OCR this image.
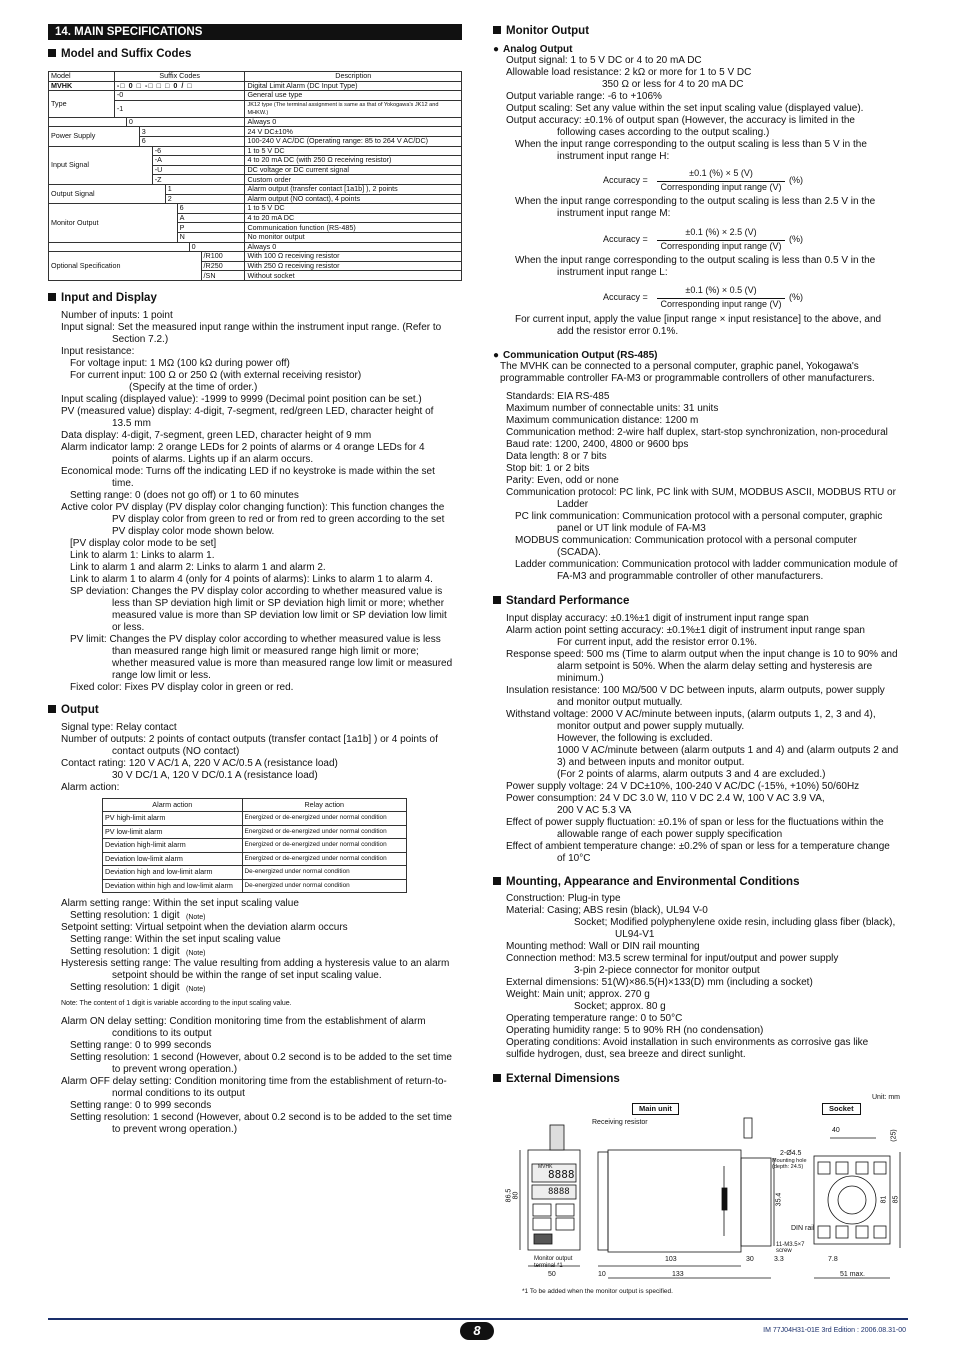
14. MAIN SPECIFICATIONS
Model and Suffix Codes
Model	Suffix Codes								Description
MVHK	-□ 0 □ -□ □ □ 0 / □								Digital Limit Alarm (DC Input Type)
Type	-0								General use type
	-1								JK12 type (The terminal assignment is same as that of Yokogawa's JK12 and MHKW.)
		0							Always 0
Power Supply			3						24 V DC±10%
			6						100-240 V AC/DC (Operating range: 85 to 264 V AC/DC)
Input Signal				-6					1 to 5 V DC
				-A					4 to 20 mA DC (with 250 Ω receiving resistor)
				-U					DC voltage or DC current signal
				-Z					Custom order
Output Signal					1				Alarm output (transfer contact [1a1b] ), 2 points
					2				Alarm output (NO contact), 4 points
Monitor Output						6			1 to 5 V DC
						A			4 to 20 mA DC
						P			Communication function (RS-485)
						N			No monitor output
							0		Always 0
Optional Specification								/R100	With 100 Ω receiving resistor
								/R250	With 250 Ω receiving resistor
								/SN	Without socket
Input and Display
Number of inputs: 1 point
Input signal: Set the measured input range within the instrument input range. (Refer to
Section 7.2.)
Input resistance:
For voltage input: 1 MΩ (100 kΩ during power off)
For current input: 100 Ω or 250 Ω (with external receiving resistor)
(Specify at the time of order.)
Input scaling (displayed value): -1999 to 9999 (Decimal point position can be set.)
PV (measured value) display: 4-digit, 7-segment, red/green LED, character height of
13.5 mm
Data display: 4-digit, 7-segment, green LED, character height of 9 mm
Alarm indicator lamp: 2 orange LEDs for 2 points of alarms or 4 orange LEDs for 4
points of alarms. Lights up if an alarm occurs.
Economical mode: Turns off the indicating LED if no keystroke is made within the set
time.
Setting range: 0 (does not go off) or 1 to 60 minutes
Active color PV display (PV display color changing function): This function changes the
PV display color from green to red or from red to green according to the set
PV display color mode shown below.
[PV display color mode to be set]
Link to alarm 1: Links to alarm 1.
Link to alarm 1 and alarm 2: Links to alarm 1 and alarm 2.
Link to alarm 1 to alarm 4 (only for 4 points of alarms): Links to alarm 1 to alarm 4.
SP deviation: Changes the PV display color according to whether measured value is
less than SP deviation high limit or SP deviation high limit or more; whether
measured value is more than SP deviation low limit or SP deviation low limit
or less.
PV limit: Changes the PV display color according to whether measured value is less
than measured range high limit or measured range high limit or more;
whether measured value is more than measured range low limit or measured
range low limit or less.
Fixed color: Fixes PV display color in green or red.
Output
Signal type: Relay contact
Number of outputs: 2 points of contact outputs (transfer contact [1a1b] ) or 4 points of
contact outputs (NO contact)
Contact rating: 120 V AC/1 A, 220 V AC/0.5 A (resistance load)
30 V DC/1 A, 120 V DC/0.1 A (resistance load)
Alarm action:
Alarm action	Relay action
PV high-limit alarm	Energized or de-energized under normal condition
PV low-limit alarm	Energized or de-energized under normal condition
Deviation high-limit alarm	Energized or de-energized under normal condition
Deviation low-limit alarm	Energized or de-energized under normal condition
Deviation high and low-limit alarm	De-energized under normal condition
Deviation within high and low-limit alarm	De-energized under normal condition
Alarm setting range: Within the set input scaling value
Setting resolution: 1 digit
Setpoint setting: Virtual setpoint when the deviation alarm occurs
Setting range: Within the set input scaling value
Setting resolution: 1 digit
Hysteresis setting range: The value resulting from adding a hysteresis value to an alarm
setpoint should be within the range of set input scaling value.
Setting resolution: 1 digit
Note: The content of 1 digit is variable according to the input scaling value.
Alarm ON delay setting: Condition monitoring time from the establishment of alarm
conditions to its output
Setting range: 0 to 999 seconds
Setting resolution: 1 second (However, about 0.2 second is to be added to the set time
to prevent wrong operation.)
Alarm OFF delay setting: Condition monitoring time from the establishment of return-to-
normal conditions to its output
Setting range: 0 to 999 seconds
Setting resolution: 1 second (However, about 0.2 second is to be added to the set time
to prevent wrong operation.)
Monitor Output
● Analog Output
Output signal: 1 to 5 V DC or 4 to 20 mA DC
Allowable load resistance: 2 kΩ or more for 1 to 5 V DC
350 Ω or less for 4 to 20 mA DC
Output variable range: -6 to +106%
Output scaling: Set any value within the set input scaling value (displayed value).
Output accuracy: ±0.1% of output span (However, the accuracy is limited in the
following cases according to the output scaling.)
When the input range corresponding to the output scaling is less than 5 V in the
instrument input range H:
Accuracy =
±0.1 (%) × 5 (V)
Corresponding input range (V)
(%)
When the input range corresponding to the output scaling is less than 2.5 V in the
instrument input range M:
Accuracy =
±0.1 (%) × 2.5 (V)
Corresponding input range (V)
(%)
When the input range corresponding to the output scaling is less than 0.5 V in the
instrument input range L:
Accuracy =
±0.1 (%) × 0.5 (V)
Corresponding input range (V)
(%)
For current input, apply the value [input range × input resistance] to the above, and
add the resistor error 0.1%.
● Communication Output (RS-485)
The MVHK can be connected to a personal computer, graphic panel, Yokogawa's
programmable controller FA-M3 or programmable controllers of other manufacturers.
Standards: EIA RS-485
Maximum number of connectable units: 31 units
Maximum communication distance: 1200 m
Communication method: 2-wire half duplex, start-stop synchronization, non-procedural
Baud rate: 1200, 2400, 4800 or 9600 bps
Data length: 8 or 7 bits
Stop bit: 1 or 2 bits
Parity: Even, odd or none
Communication protocol: PC link, PC link with SUM, MODBUS ASCII, MODBUS RTU or
Ladder
PC link communication: Communication protocol with a personal computer, graphic
panel or UT link module of FA-M3
MODBUS communication: Communication protocol with a personal computer
(SCADA).
Ladder communication: Communication protocol with ladder communication module of
FA-M3 and programmable controller of other manufacturers.
Standard Performance
Input display accuracy: ±0.1%±1 digit of instrument input range span
Alarm action point setting accuracy: ±0.1%±1 digit of instrument input range span
For current input, add the resistor error 0.1%.
Response speed: 500 ms (Time to alarm output when the input change is 10 to 90% and
alarm setpoint is 50%. When the alarm delay setting and hysteresis are
minimum.)
Insulation resistance: 100 MΩ/500 V DC between inputs, alarm outputs, power supply
and monitor output mutually.
Withstand voltage: 2000 V AC/minute between inputs, (alarm outputs 1, 2, 3 and 4),
monitor output and power supply mutually.
However, the following is excluded.
1000 V AC/minute between (alarm outputs 1 and 4) and (alarm outputs 2 and
3) and between inputs and monitor output.
(For 2 points of alarms, alarm outputs 3 and 4 are excluded.)
Power supply voltage: 24 V DC±10%, 100-240 V AC/DC (-15%, +10%) 50/60Hz
Power consumption: 24 V DC 3.0 W, 110 V DC 2.4 W, 100 V AC 3.9 VA,
200 V AC 5.3 VA
Effect of power supply fluctuation: ±0.1% of span or less for the fluctuations within the
allowable range of each power supply specification
Effect of ambient temperature change: ±0.2% of span or less for a temperature change
of 10°C
Mounting, Appearance and Environmental Conditions
Construction: Plug-in type
Material: Casing; ABS resin (black), UL94 V-0
Socket; Modified polyphenylene oxide resin, including glass fiber (black),
UL94-V1
Mounting method: Wall or DIN rail mounting
Connection method: M3.5 screw terminal for input/output and power supply
3-pin 2-piece connector for monitor output
External dimensions: 51(W)×86.5(H)×133(D) mm (including a socket)
Weight: Main unit; approx. 270 g
Socket; approx. 80 g
Operating temperature range: 0 to 50°C
Operating humidity range: 5 to 90% RH (no condensation)
Operating conditions: Avoid installation in such environments as corrosive gas like
sulfide hydrogen, dust, sea breeze and direct sunlight.
External Dimensions
Unit: mm
Main unit	Socket
Receiving resistor
2-Ø4.5
Mounting hole (depth: 24.5)
DIN rail
11-M3.5×7 screw
Monitor output terminal *1
MVHK
8888
8888
50	10
103	30	3.3
133
7.8
51 max.
86.5 80	35.4
40	(25)
81 85
*1 To be added when the monitor output is specified.
8	IM 77J04H31-01E 3rd Edition : 2006.08.31-00
(Note)
(Note)
(Note)
